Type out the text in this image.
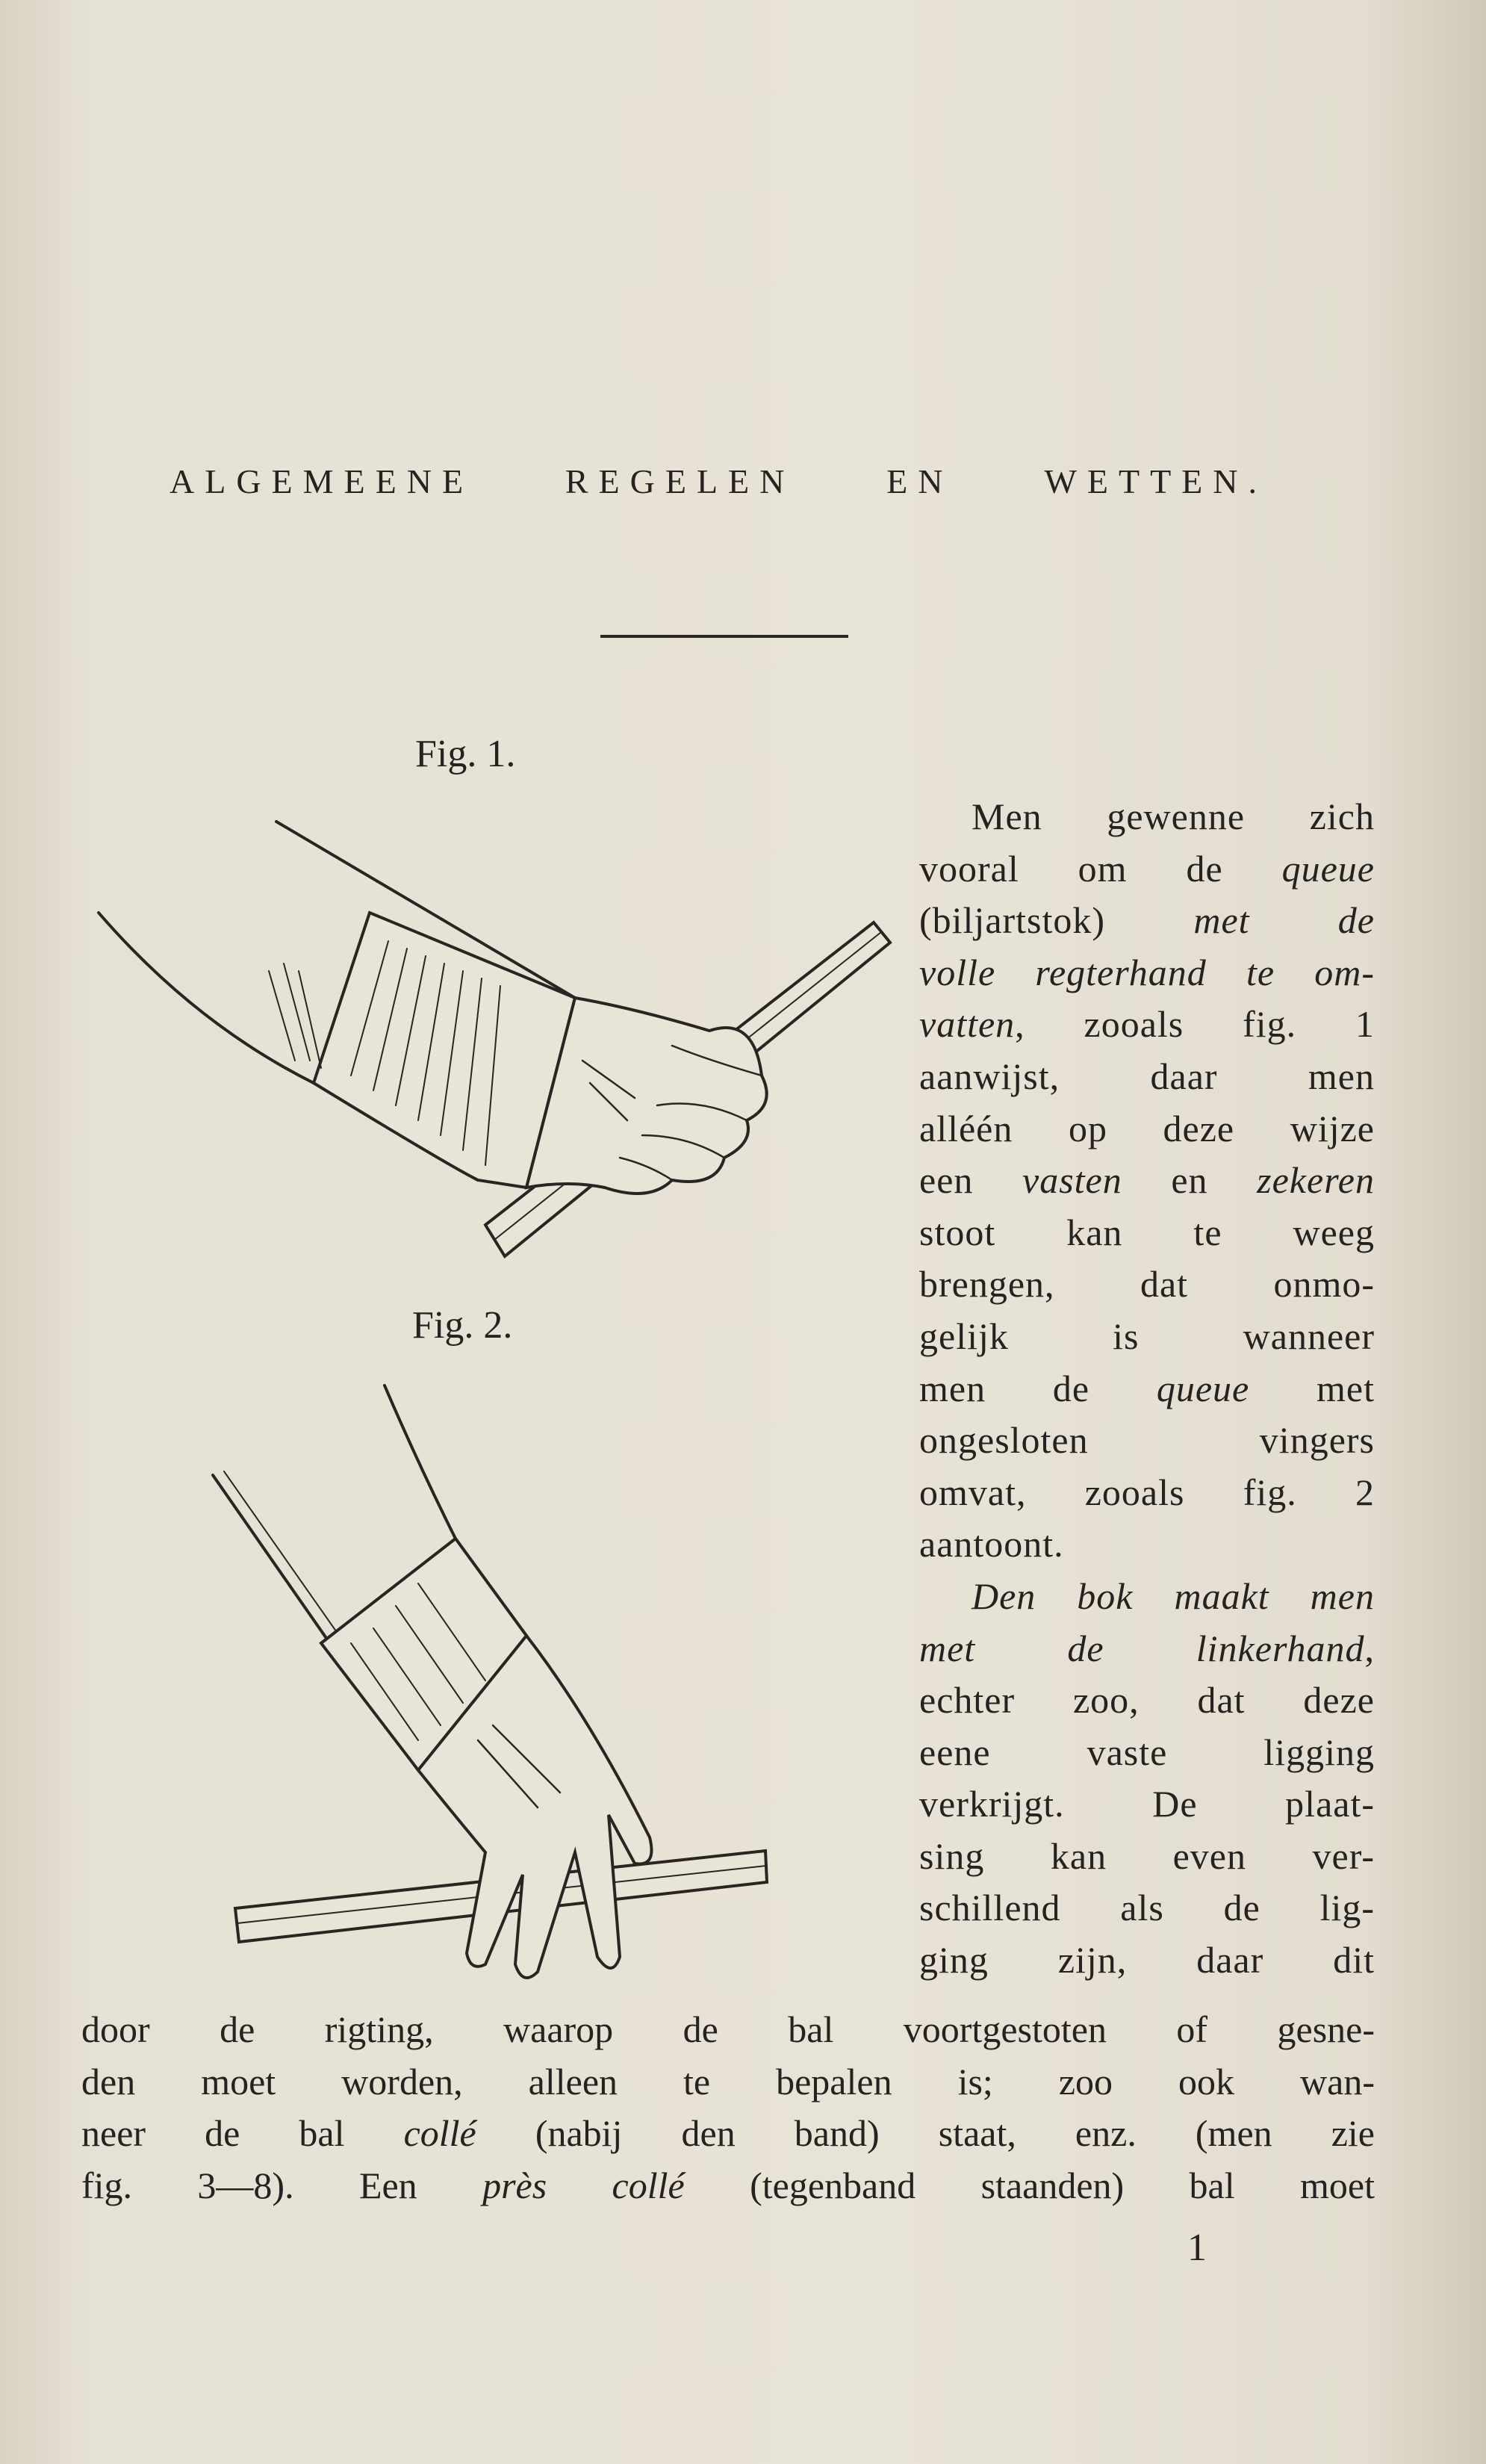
ALGEMEENE REGELEN EN WETTEN.
Fig. 1.
Fig. 2.
Men gewenne zich
vooral om de queue
(biljartstok) met de
volle regterhand te om-
vatten, zooals fig. 1
aanwijst, daar men
alléén op deze wijze
een vasten en zekeren
stoot kan te weeg
brengen, dat onmo-
gelijk is wanneer
men de queue met
ongesloten vingers
omvat, zooals fig. 2
aantoont.
Den bok maakt men
met de linkerhand,
echter zoo, dat deze
eene vaste ligging
verkrijgt. De plaat-
sing kan even ver-
schillend als de lig-
ging zijn, daar dit
door de rigting, waarop de bal voortgestoten of gesne-
den moet worden, alleen te bepalen is; zoo ook wan-
neer de bal collé (nabij den band) staat, enz. (men zie
fig. 3—8). Een près collé (tegenband staanden) bal moet
1
